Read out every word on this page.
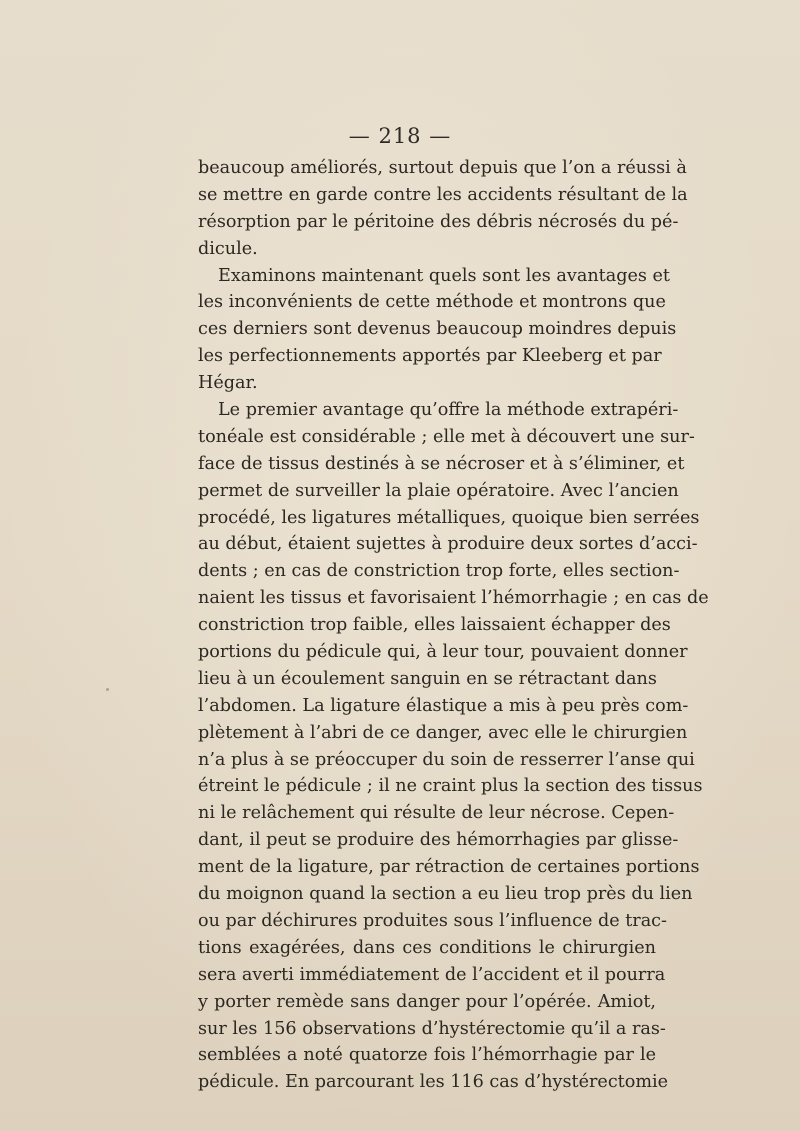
— 218 —
beaucoup améliorés, surtout depuis que l’on a réussi à
se mettre en garde contre les accidents résultant de la
résorption par le péritoine des débris nécrosés du pé-
dicule.
Examinons maintenant quels sont les avantages et
les inconvénients de cette méthode et montrons que
ces derniers sont devenus beaucoup moindres depuis
les perfectionnements apportés par Kleeberg et par
Hégar.
Le premier avantage qu’offre la méthode extrapéri-
tonéale est considérable ; elle met à découvert une sur-
face de tissus destinés à se nécroser et à s’éliminer, et
permet de surveiller la plaie opératoire. Avec l’ancien
procédé, les ligatures métalliques, quoique bien serrées
au début, étaient sujettes à produire deux sortes d’acci-
dents ; en cas de constriction trop forte, elles section-
naient les tissus et favorisaient l’hémorrhagie ; en cas de
constriction trop faible, elles laissaient échapper des
portions du pédicule qui, à leur tour, pouvaient donner
lieu à un écoulement sanguin en se rétractant dans
l’abdomen. La ligature élastique a mis à peu près com-
plètement à l’abri de ce danger, avec elle le chirurgien
n’a plus à se préoccuper du soin de resserrer l’anse qui
étreint le pédicule ; il ne craint plus la section des tissus
ni le relâchement qui résulte de leur nécrose. Cepen-
dant, il peut se produire des hémorrhagies par glisse-
ment de la ligature, par rétraction de certaines portions
du moignon quand la section a eu lieu trop près du lien
ou par déchirures produites sous l’influence de trac-
tions exagérées, dans ces conditions le chirurgien
sera averti immédiatement de l’accident et il pourra
y porter remède sans danger pour l’opérée. Amiot,
sur les 156 observations d’hystérectomie qu’il a ras-
semblées a noté quatorze fois l’hémorrhagie par le
pédicule. En parcourant les 116 cas d’hystérectomie
